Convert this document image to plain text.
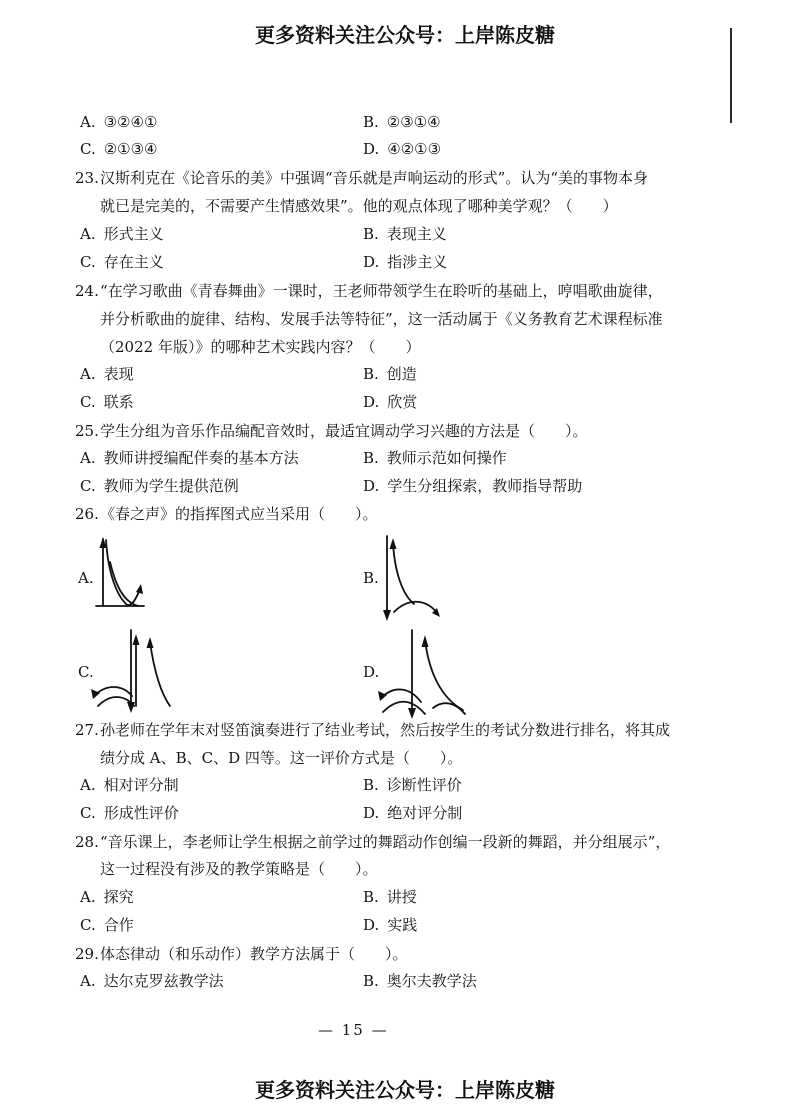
更多资料关注公众号：上岸陈皮糖
A. ③②④①	B. ②③①④
C. ②①③④	D. ④②①③
23. 汉斯利克在《论音乐的美》中强调“音乐就是声响运动的形式”。认为“美的事物本身
就已是完美的，不需要产生情感效果”。他的观点体现了哪种美学观？（　　）
A. 形式主义	B. 表现主义
C. 存在主义	D. 指涉主义
24. “在学习歌曲《青春舞曲》一课时，王老师带领学生在聆听的基础上，哼唱歌曲旋律，
并分析歌曲的旋律、结构、发展手法等特征”，这一活动属于《义务教育艺术课程标准
（2022 年版）》的哪种艺术实践内容？（　　）
A. 表现	B. 创造
C. 联系	D. 欣赏
25. 学生分组为音乐作品编配音效时，最适宜调动学习兴趣的方法是（　　）。
A. 教师讲授编配伴奏的基本方法	B. 教师示范如何操作
C. 教师为学生提供范例	D. 学生分组探索，教师指导帮助
26. 《春之声》的指挥图式应当采用（　　）。
A.	B.
C.	D.
27. 孙老师在学年末对竖笛演奏进行了结业考试，然后按学生的考试分数进行排名，将其成
绩分成 A、B、C、D 四等。这一评价方式是（　　）。
A. 相对评分制	B. 诊断性评价
C. 形成性评价	D. 绝对评分制
28. “音乐课上，李老师让学生根据之前学过的舞蹈动作创编一段新的舞蹈，并分组展示”，
这一过程没有涉及的教学策略是（　　）。
A. 探究	B. 讲授
C. 合作	D. 实践
29. 体态律动（和乐动作）教学方法属于（　　）。
A. 达尔克罗兹教学法	B. 奥尔夫教学法
— 15 —
更多资料关注公众号：上岸陈皮糖
